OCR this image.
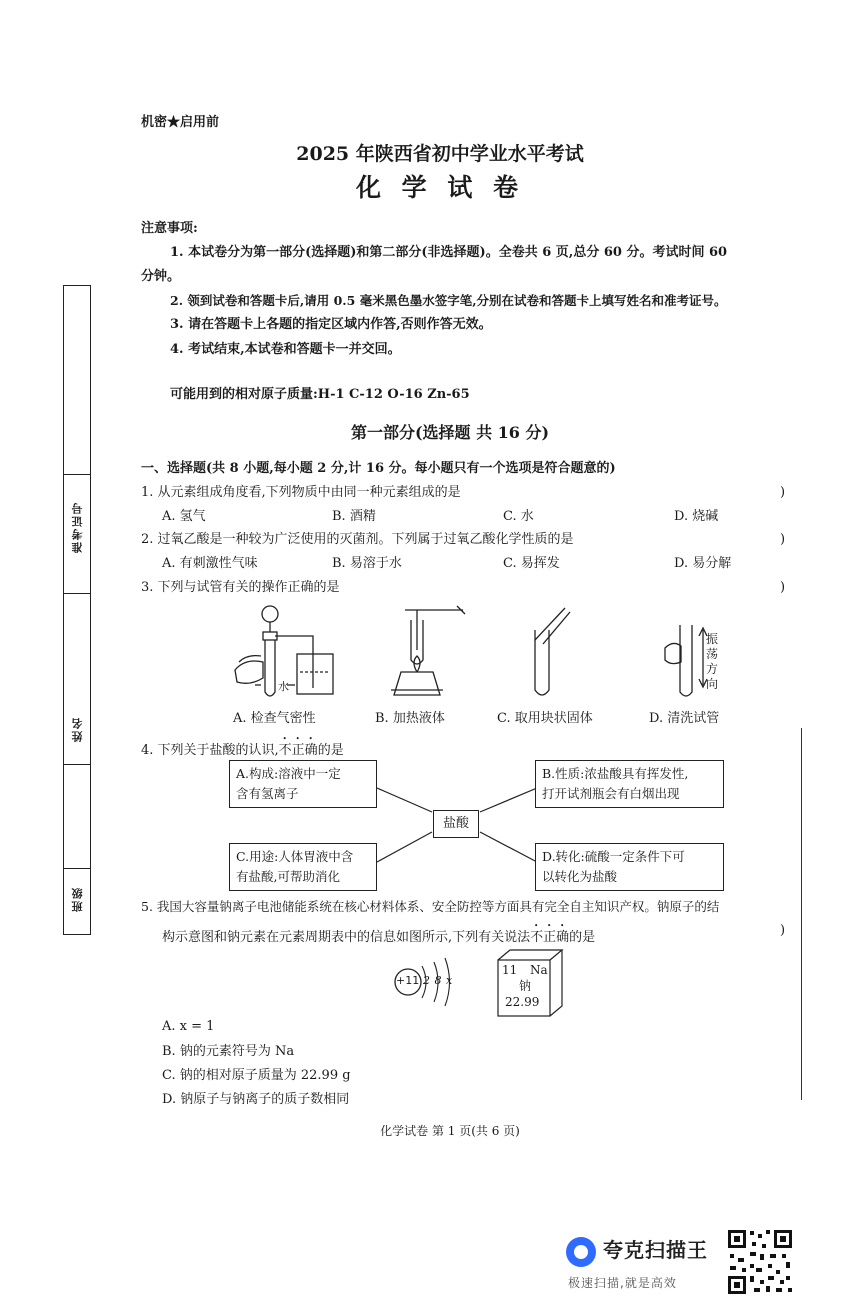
准考证号
姓名
班级
机密★启用前
2025 年陕西省初中学业水平考试
化 学 试 卷
注意事项:
1. 本试卷分为第一部分(选择题)和第二部分(非选择题)。全卷共 6 页,总分 60 分。考试时间 60
分钟。
2. 领到试卷和答题卡后,请用 0.5 毫米黑色墨水签字笔,分别在试卷和答题卡上填写姓名和准考证号。
3. 请在答题卡上各题的指定区域内作答,否则作答无效。
4. 考试结束,本试卷和答题卡一并交回。
可能用到的相对原子质量:H-1 C-12 O-16 Zn-65
第一部分(选择题 共 16 分)
一、选择题(共 8 小题,每小题 2 分,计 16 分。每小题只有一个选项是符合题意的)
1. 从元素组成角度看,下列物质中由同一种元素组成的是	)
A. 氢气	B. 酒精	C. 水	D. 烧碱
2. 过氧乙酸是一种较为广泛使用的灭菌剂。下列属于过氧乙酸化学性质的是	)
A. 有刺激性气味	B. 易溶于水	C. 易挥发	D. 易分解
3. 下列与试管有关的操作正确的是	)
水
振荡方向
A. 检查气密性	B. 加热液体	C. 取用块状固体	D. 清洗试管
4. 下列关于盐酸的认识,不正确的是
A.构成:溶液中一定
含有氢离子
B.性质:浓盐酸具有挥发性,
打开试剂瓶会有白烟出现
盐酸
C.用途:人体胃液中含
有盐酸,可帮助消化
D.转化:硫酸一定条件下可
以转化为盐酸
5. 我国大容量钠离子电池储能系统在核心材料体系、安全防控等方面具有完全自主知识产权。钠原子的结
构示意图和钠元素在元素周期表中的信息如图所示,下列有关说法不正确的是	)
+11 2 8 x
11 Na
钠
22.99
A. x = 1
B. 钠的元素符号为 Na
C. 钠的相对原子质量为 22.99 g
D. 钠原子与钠离子的质子数相同
化学试卷 第 1 页(共 6 页)
夸克扫描王
极速扫描,就是高效
